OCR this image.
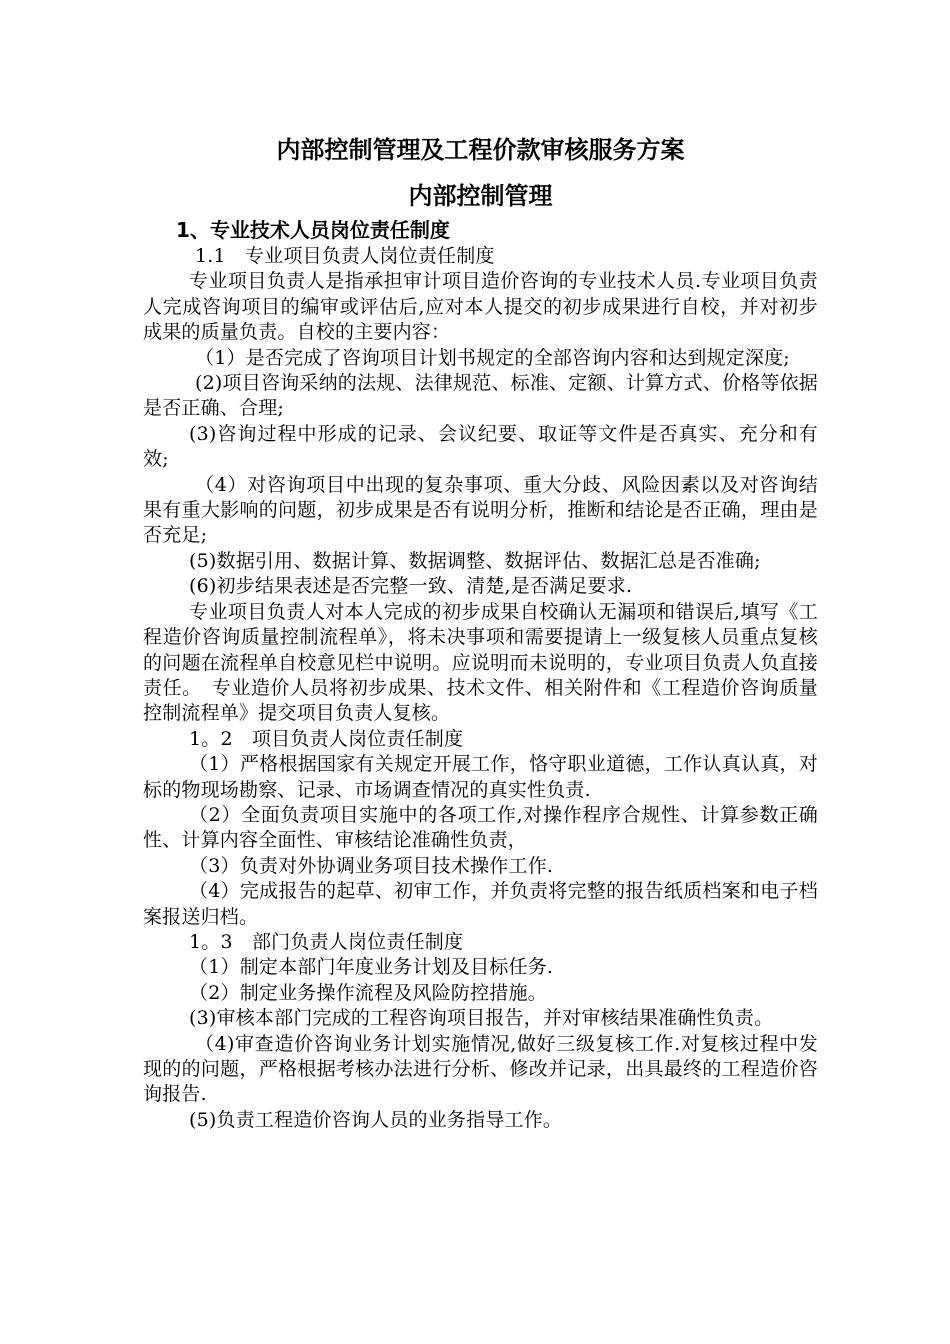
内部控制管理及工程价款审核服务方案
内部控制管理
1、专业技术人员岗位责任制度

1.1　专业项目负责人岗位责任制度

专业项目负责人是指承担审计项目造价咨询的专业技术人员.专业项目负责人完成咨询项目的编审或评估后,应对本人提交的初步成果进行自校，并对初步成果的质量负责。自校的主要内容：

（1）是否完成了咨询项目计划书规定的全部咨询内容和达到规定深度;

(2)项目咨询采纳的法规、法律规范、标准、定额、计算方式、价格等依据是否正确、合理;

(3)咨询过程中形成的记录、会议纪要、取证等文件是否真实、充分和有效;

（4）对咨询项目中出现的复杂事项、重大分歧、风险因素以及对咨询结果有重大影响的问题，初步成果是否有说明分析，推断和结论是否正确，理由是否充足;

(5)数据引用、数据计算、数据调整、数据评估、数据汇总是否准确;

(6)初步结果表述是否完整一致、清楚,是否满足要求.

专业项目负责人对本人完成的初步成果自校确认无漏项和错误后,填写《工程造价咨询质量控制流程单》，将未决事项和需要提请上一级复核人员重点复核的问题在流程单自校意见栏中说明。应说明而未说明的，专业项目负责人负直接责任。　专业造价人员将初步成果、技术文件、相关附件和《工程造价咨询质量控制流程单》提交项目负责人复核。

1。2　项目负责人岗位责任制度

（1）严格根据国家有关规定开展工作，恪守职业道德，工作认真认真，对标的物现场勘察、记录、市场调查情况的真实性负责.

（2）全面负责项目实施中的各项工作,对操作程序合规性、计算参数正确性、计算内容全面性、审核结论准确性负责，

（3）负责对外协调业务项目技术操作工作.

（4）完成报告的起草、初审工作，并负责将完整的报告纸质档案和电子档案报送归档。

1。3　部门负责人岗位责任制度

（1）制定本部门年度业务计划及目标任务.

（2）制定业务操作流程及风险防控措施。

(3)审核本部门完成的工程咨询项目报告，并对审核结果准确性负责。

（4)审查造价咨询业务计划实施情况,做好三级复核工作.对复核过程中发现的的问题，严格根据考核办法进行分析、修改并记录，出具最终的工程造价咨询报告.

(5)负责工程造价咨询人员的业务指导工作。
